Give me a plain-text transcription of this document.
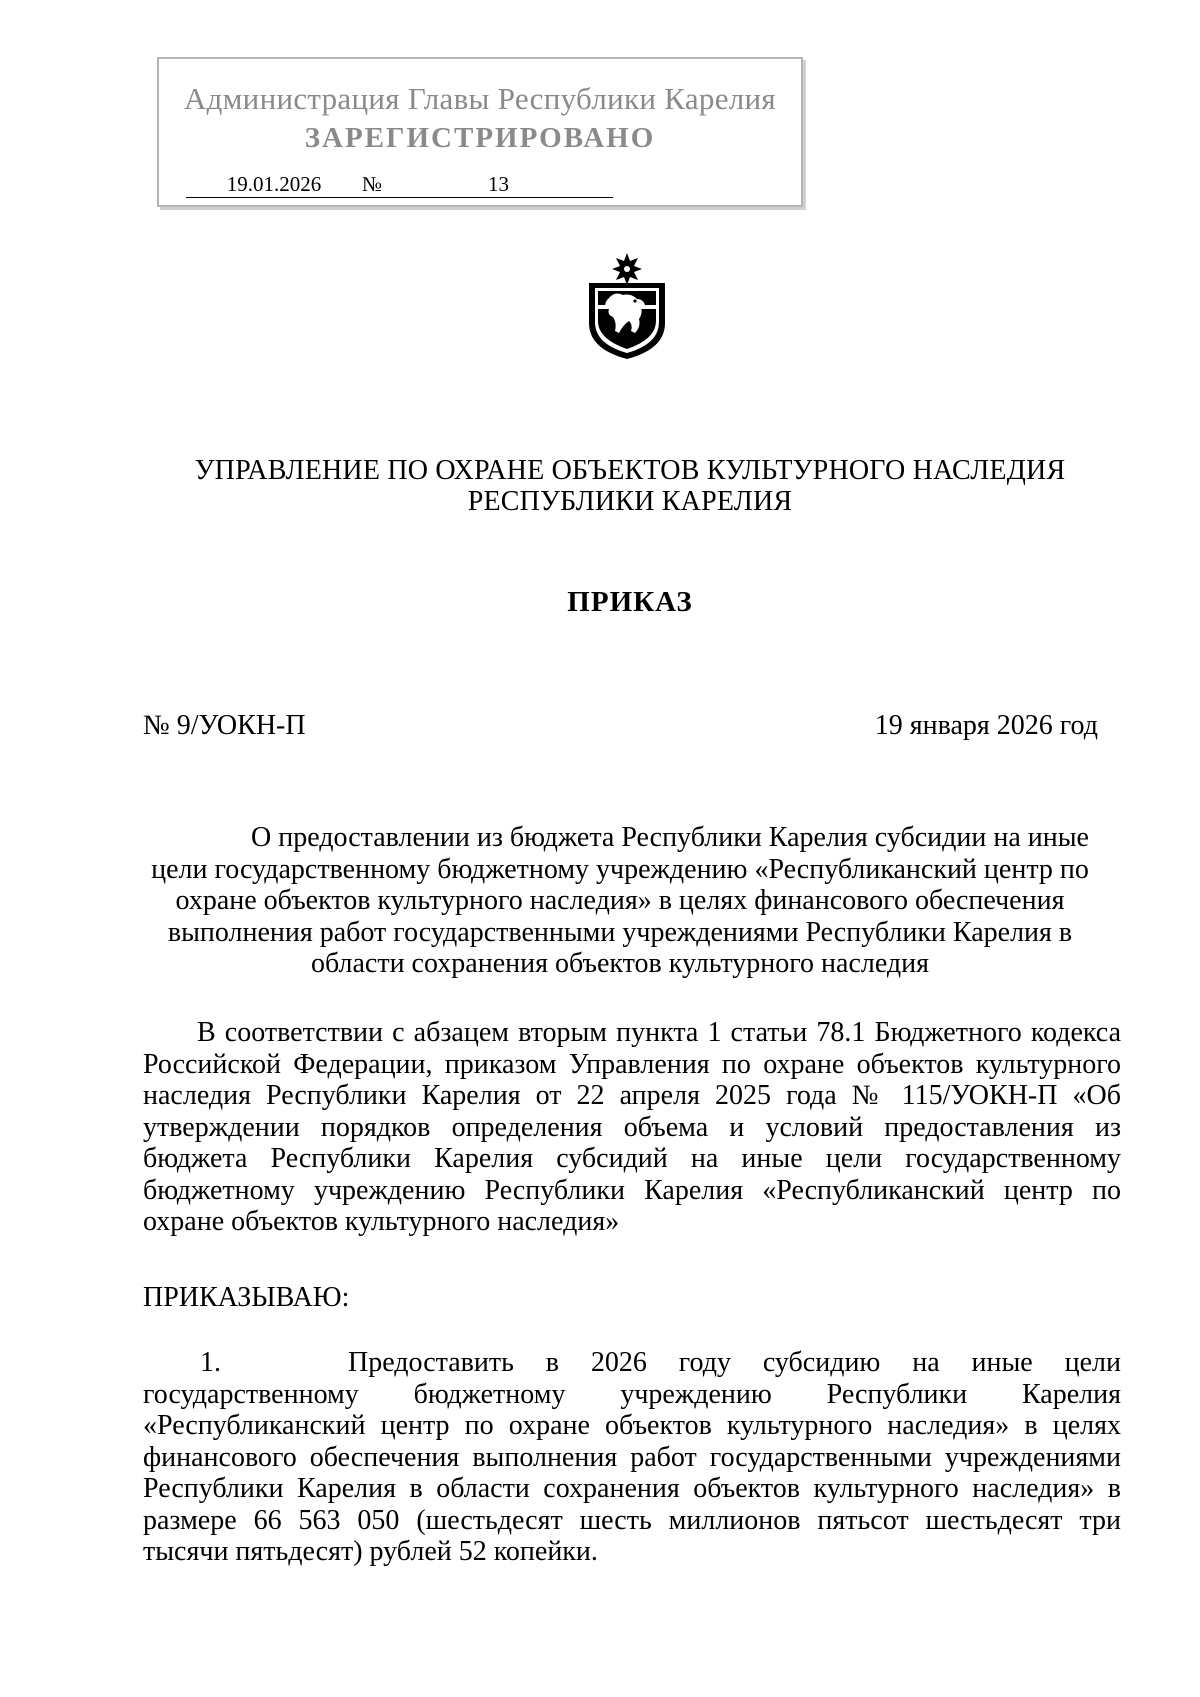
Администрация Главы Республики Карелия
ЗАРЕГИСТРИРОВАНО
19.01.2026	№	13
УПРАВЛЕНИЕ ПО ОХРАНЕ ОБЪЕКТОВ КУЛЬТУРНОГО НАСЛЕДИЯ
РЕСПУБЛИКИ КАРЕЛИЯ
ПРИКАЗ
№ 9/УОКН-П	19 января 2026 год
О предоставлении из бюджета Республики Карелия субсидии на иные
цели государственному бюджетному учреждению «Республиканский центр по
охране объектов культурного наследия» в целях финансового обеспечения
выполнения работ государственными учреждениями Республики Карелия в
области сохранения объектов культурного наследия
В соответствии с абзацем вторым пункта 1 статьи 78.1 Бюджетного кодекса Российской Федерации, приказом Управления по охране объектов культурного наследия Республики Карелия от 22 апреля 2025 года № 115/УОКН-П «Об утверждении порядков определения объема и условий предоставления из бюджета Республики Карелия субсидий на иные цели государственному бюджетному учреждению Республики Карелия «Республиканский центр по охране объектов культурного наследия»
ПРИКАЗЫВАЮ:
1.	Предоставить в 2026 году субсидию на иные цели государственному бюджетному учреждению Республики Карелия «Республиканский центр по охране объектов культурного наследия» в целях финансового обеспечения выполнения работ государственными учреждениями Республики Карелия в области сохранения объектов культурного наследия» в размере 66 563 050 (шестьдесят шесть миллионов пятьсот шестьдесят три тысячи пятьдесят) рублей 52 копейки.
